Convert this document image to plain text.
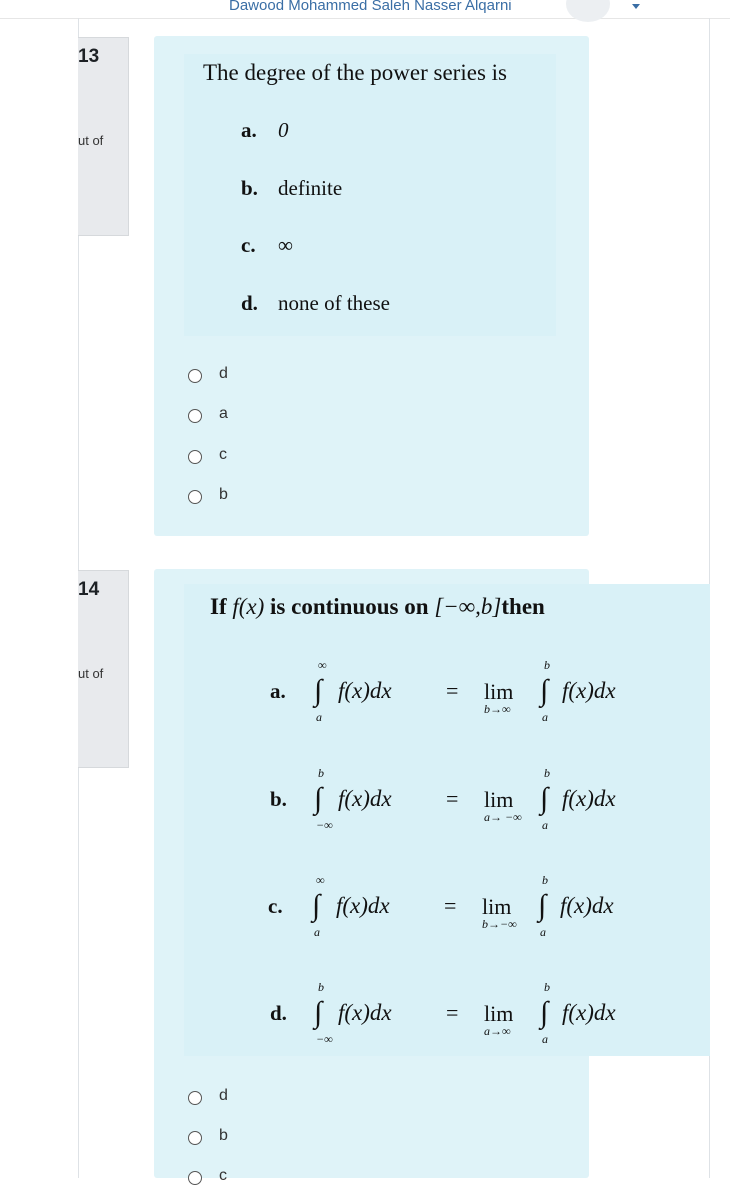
Dawood Mohammed Saleh Nasser Alqarni
13
ut of
The degree of the power series is
a. 0
b. definite
c. ∞
d. none of these
d
a
c
b
14
ut of
If f(x) is continuous on [−∞,b]then
a. ∫
∞
a
f(x)dx = lim
b→∞
∫
b
a
f(x)dx
b. ∫
b
−∞
f(x)dx = lim
a→ −∞
∫
b
a
f(x)dx
c. ∫
∞
a
f(x)dx = lim
b→−∞
∫
b
a
f(x)dx
d. ∫
b
−∞
f(x)dx = lim
a→∞
∫
b
a
f(x)dx
d
b
c
